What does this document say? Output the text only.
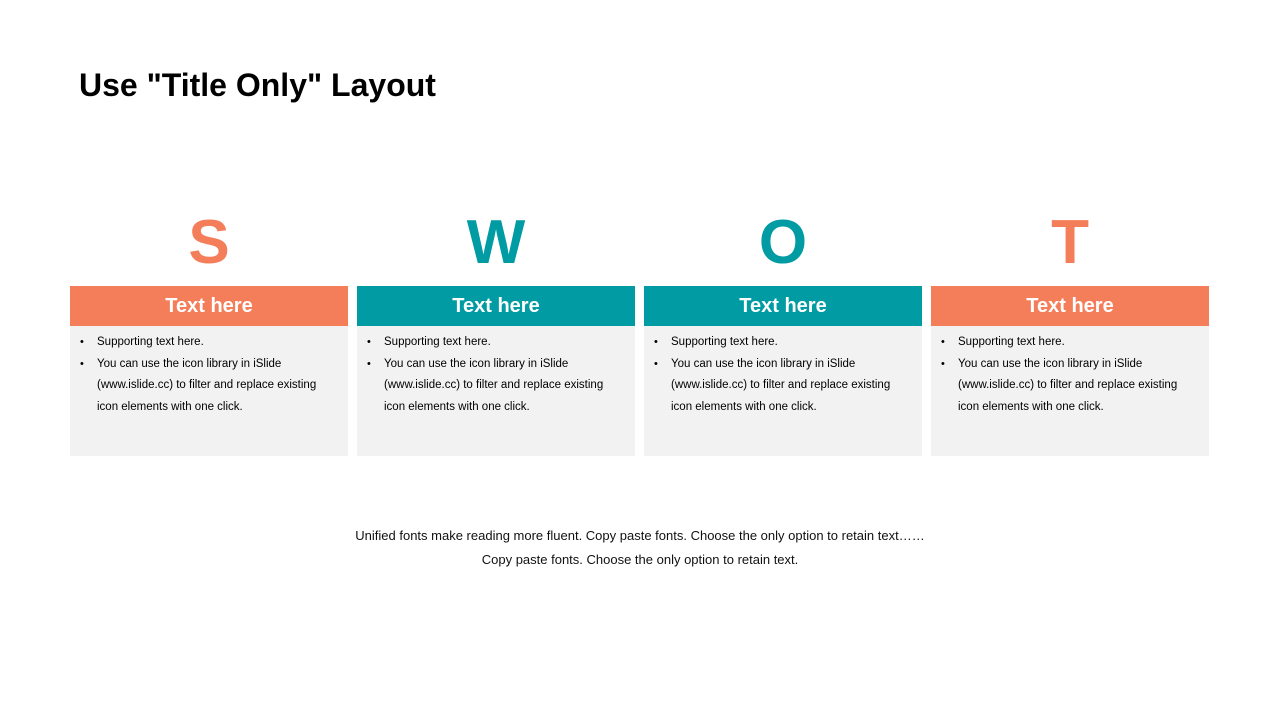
Use "Title Only" Layout
S
Text here
• Supporting text here.
• You can use the icon library in iSlide (www.islide.cc) to filter and replace existing icon elements with one click.
W
Text here
• Supporting text here.
• You can use the icon library in iSlide (www.islide.cc) to filter and replace existing icon elements with one click.
O
Text here
• Supporting text here.
• You can use the icon library in iSlide (www.islide.cc) to filter and replace existing icon elements with one click.
T
Text here
• Supporting text here.
• You can use the icon library in iSlide (www.islide.cc) to filter and replace existing icon elements with one click.
Unified fonts make reading more fluent. Copy paste fonts. Choose the only option to retain text……
Copy paste fonts. Choose the only option to retain text.
